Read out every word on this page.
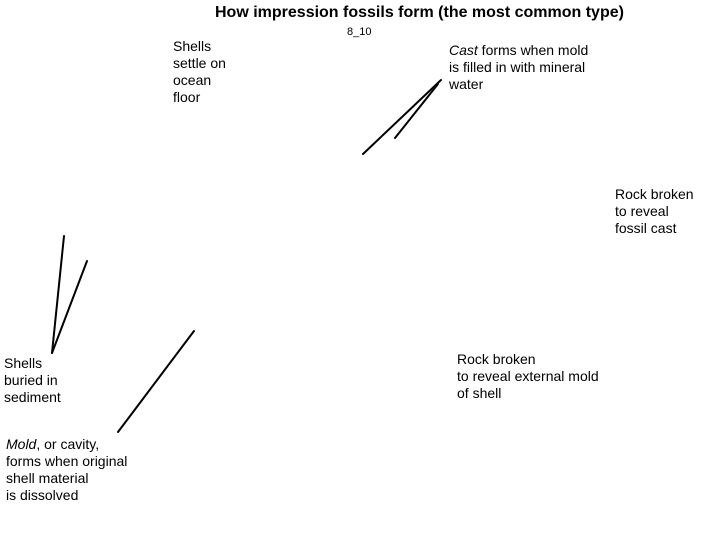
How impression fossils form (the most common type)
8_10
Shells
settle on
ocean
floor
Cast forms when mold
is filled in with mineral
water
Rock broken
to reveal
fossil cast
Rock broken
to reveal external mold
of shell
Shells
buried in
sediment
Mold, or cavity,
forms when original
shell material
is dissolved
